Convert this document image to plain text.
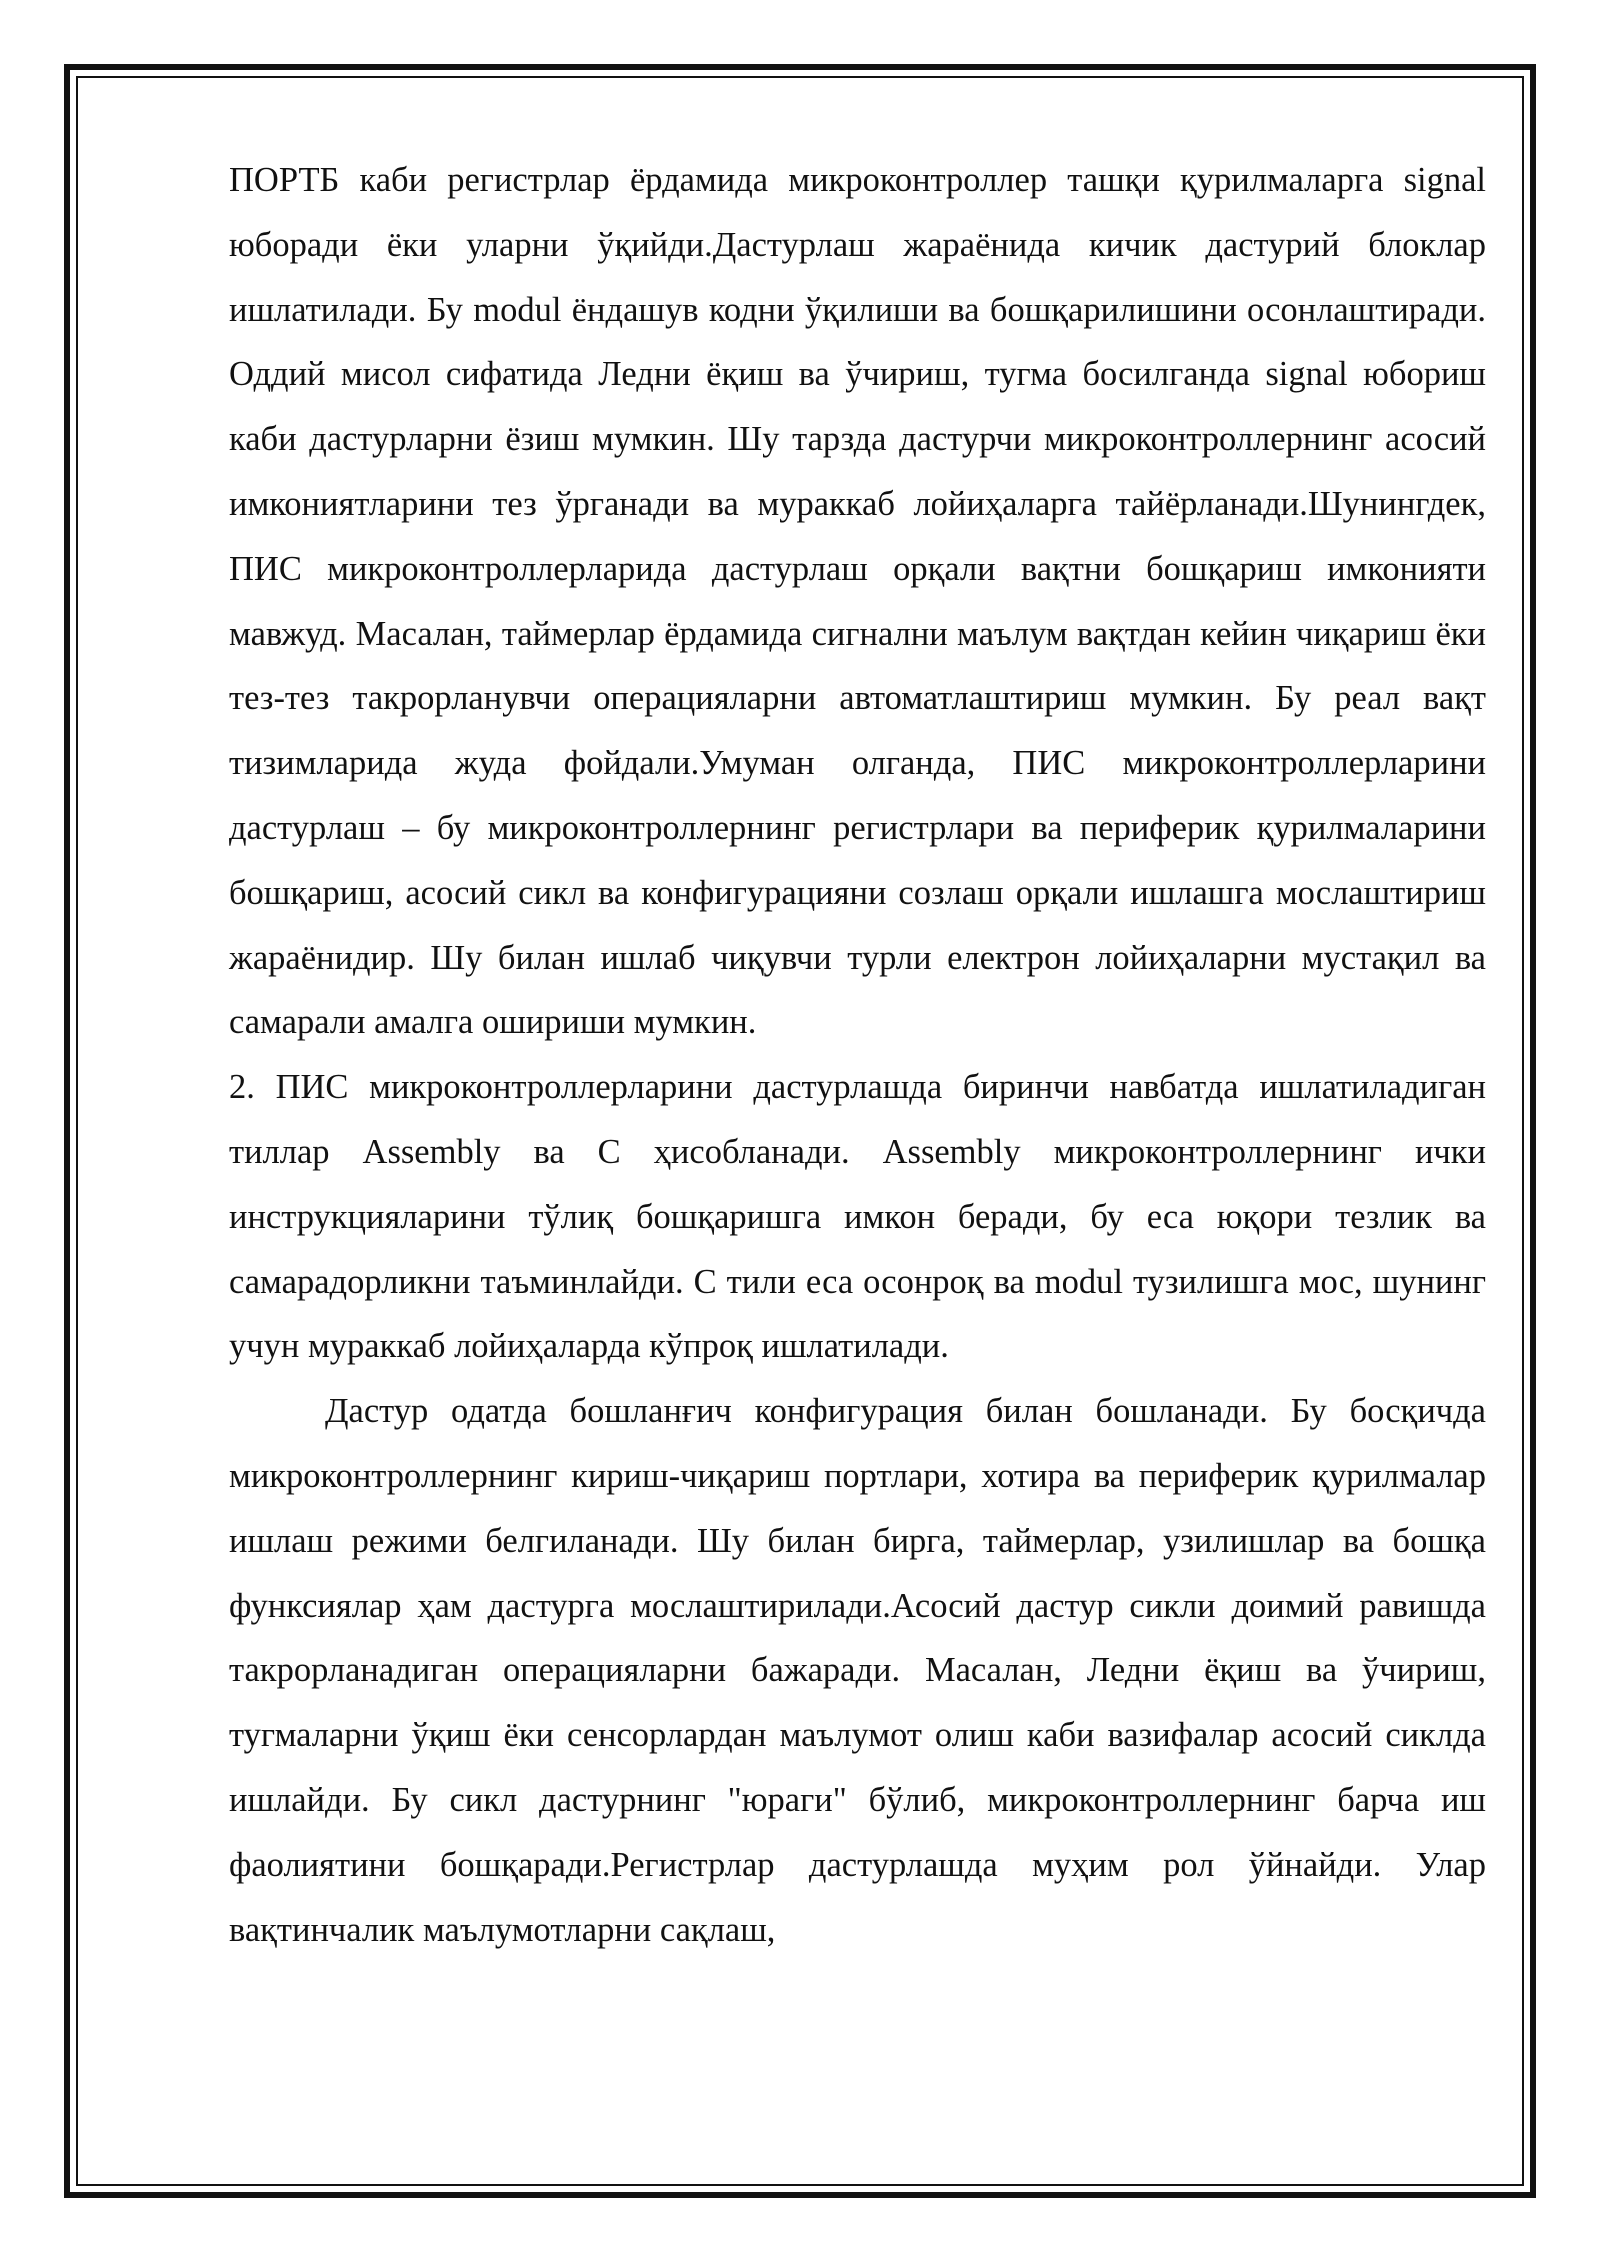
ПОРТБ каби регистрлар ёрдамида микроконтроллер ташқи қурилмаларга signal юборади ёки уларни ўқийди.Дастурлаш жараёнида кичик дастурий блоклар ишлатилади. Бу modul ёндашув кодни ўқилиши ва бошқарилишини осонлаштиради. Оддий мисол сифатида Ледни ёқиш ва ўчириш, тугма босилганда signal юбориш каби дастурларни ёзиш мумкин. Шу тарзда дастурчи микроконтроллернинг асосий имкониятларини тез ўрганади ва мураккаб лойиҳаларга тайёрланади.Шунингдек, ПИС микроконтроллерларида дастурлаш орқали вақтни бошқариш имконияти мавжуд. Масалан, таймерлар ёрдамида сигнални маълум вақтдан кейин чиқариш ёки тез-тез такрорланувчи операцияларни автоматлаштириш мумкин. Бу реал вақт тизимларида жуда фойдали.Умуман олганда, ПИС микроконтроллерларини дастурлаш – бу микроконтроллернинг регистрлари ва периферик қурилмаларини бошқариш, асосий сикл ва конфигурацияни созлаш орқали ишлашга мослаштириш жараёнидир. Шу билан ишлаб чиқувчи турли електрон лойиҳаларни мустақил ва самарали амалга ошириши мумкин.

2. ПИС микроконтроллерларини дастурлашда биринчи навбатда ишлатиладиган тиллар Assembly ва С ҳисобланади. Assembly микроконтроллернинг ички инструкцияларини тўлиқ бошқаришга имкон беради, бу еса юқори тезлик ва самарадорликни таъминлайди. С тили еса осонроқ ва modul тузилишга мос, шунинг учун мураккаб лойиҳаларда кўпроқ ишлатилади.

Дастур одатда бошланғич конфигурация билан бошланади. Бу босқичда микроконтроллернинг кириш-чиқариш портлари, хотира ва периферик қурилмалар ишлаш режими белгиланади. Шу билан бирга, таймерлар, узилишлар ва бошқа функсиялар ҳам дастурга мослаштирилади.Асосий дастур сикли доимий равишда такрорланадиган операцияларни бажаради. Масалан, Ледни ёқиш ва ўчириш, тугмаларни ўқиш ёки сенсорлардан маълумот олиш каби вазифалар асосий сиклда ишлайди. Бу сикл дастурнинг "юраги" бўлиб, микроконтроллернинг барча иш фаолиятини бошқаради.Регистрлар дастурлашда муҳим рол ўйнайди. Улар вақтинчалик маълумотларни сақлаш,
